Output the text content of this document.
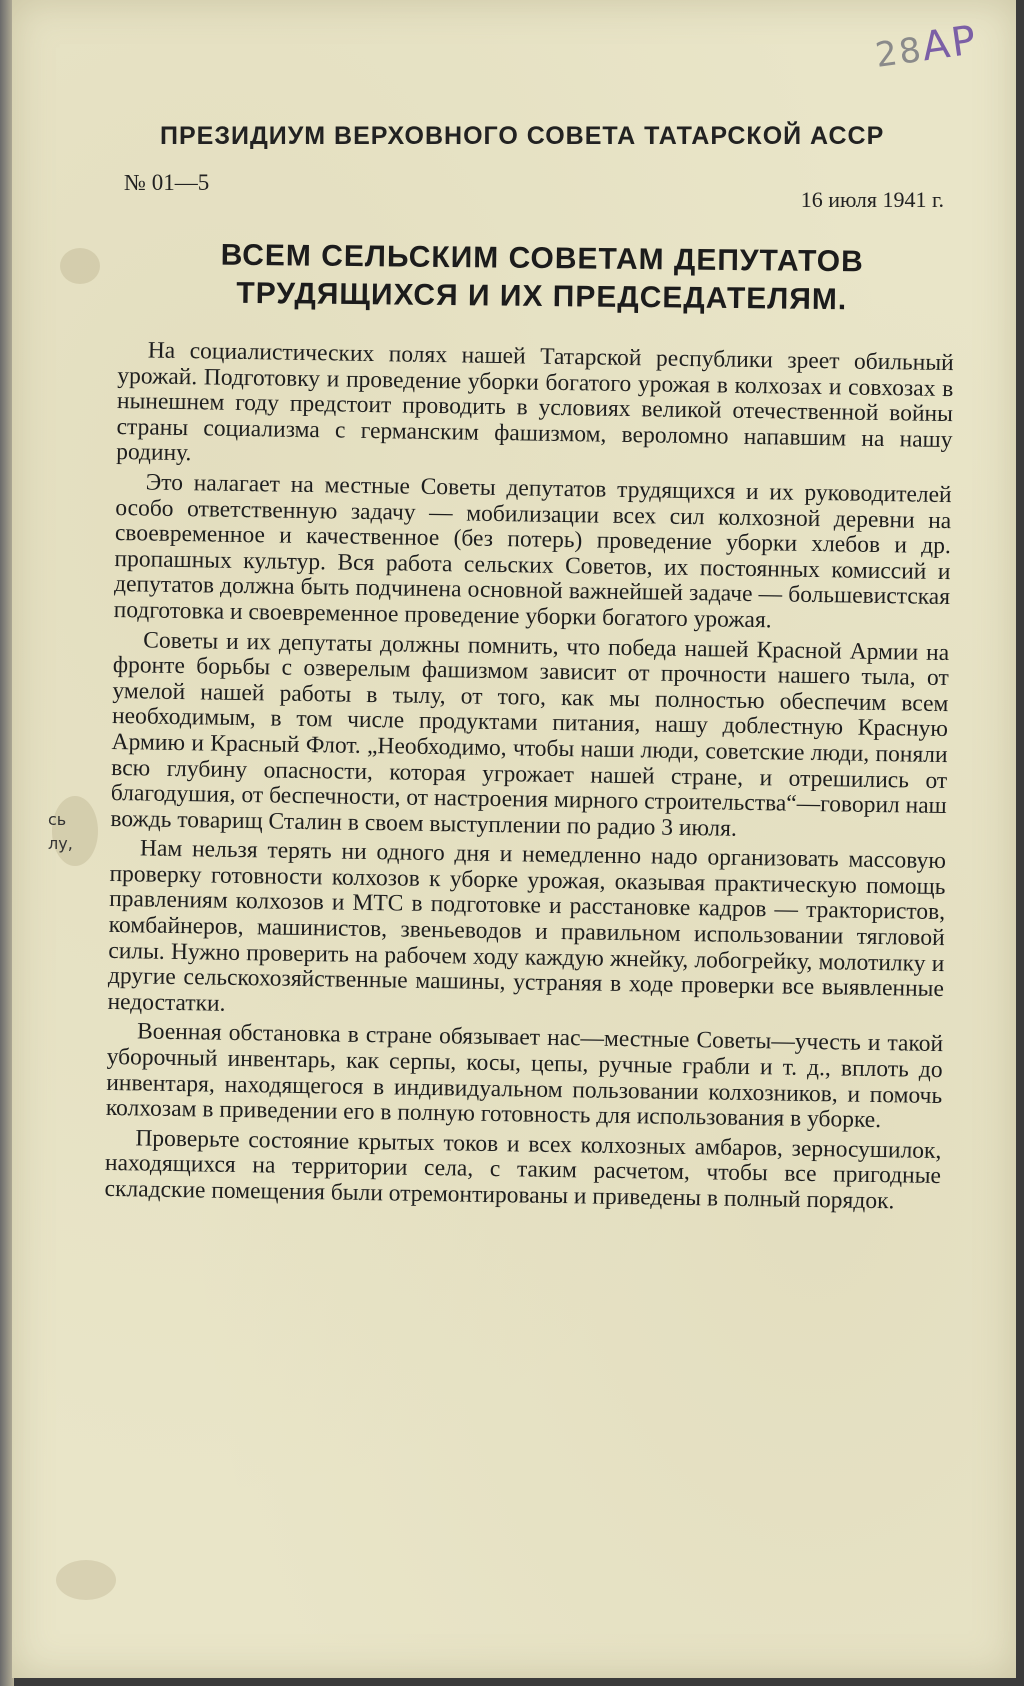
28АР
ПРЕЗИДИУМ ВЕРХОВНОГО СОВЕТА ТАТАРСКОЙ АССР
№ 01—5
16 июля 1941 г.
ВСЕМ СЕЛЬСКИМ СОВЕТАМ ДЕПУТАТОВ
ТРУДЯЩИХСЯ И ИХ ПРЕДСЕДАТЕЛЯМ.
сь
лу,

На социалистических полях нашей Татарской республики зреет обильный урожай. Подготовку и проведение уборки богатого урожая в колхозах и совхозах в нынешнем году предстоит проводить в условиях великой отечественной войны страны социализма с германским фашизмом, вероломно напавшим на нашу родину.

Это налагает на местные Советы депутатов трудящихся и их руководителей особо ответственную задачу — мобилизации всех сил колхозной деревни на своевременное и качественное (без потерь) проведение уборки хлебов и др. пропашных культур. Вся работа сельских Советов, их постоянных комиссий и депутатов должна быть подчинена основной важнейшей задаче — большевистская подготовка и своевременное проведение уборки богатого урожая.

Советы и их депутаты должны помнить, что победа нашей Красной Армии на фронте борьбы с озверелым фашизмом зависит от прочности нашего тыла, от умелой нашей работы в тылу, от того, как мы полностью обеспечим всем необходимым, в том числе продуктами питания, нашу доблестную Красную Армию и Красный Флот. „Необходимо, чтобы наши люди, советские люди, поняли всю глубину опасности, которая угрожает нашей стране, и отрешились от благодушия, от беспечности, от настроения мирного строительства“—говорил наш вождь товарищ Сталин в своем выступлении по радио 3 июля.

Нам нельзя терять ни одного дня и немедленно надо организовать массовую проверку готовности колхозов к уборке урожая, оказывая практическую помощь правлениям колхозов и МТС в подготовке и расстановке кадров — трактористов, комбайнеров, машинистов, звеньеводов и правильном использовании тягловой силы. Нужно проверить на рабочем ходу каждую жнейку, лобогрейку, молотилку и другие сельскохозяйственные машины, устраняя в ходе проверки все выявленные недостатки.

Военная обстановка в стране обязывает нас—местные Советы—учесть и такой уборочный инвентарь, как серпы, косы, цепы, ручные грабли и т. д., вплоть до инвентаря, находящегося в индивидуальном пользовании колхозников, и помочь колхозам в приведении его в полную готовность для использования в уборке.

Проверьте состояние крытых токов и всех колхозных амбаров, зерносушилок, находящихся на территории села, с таким расчетом, чтобы все пригодные складские помещения были отремонтированы и приведены в полный порядок.
